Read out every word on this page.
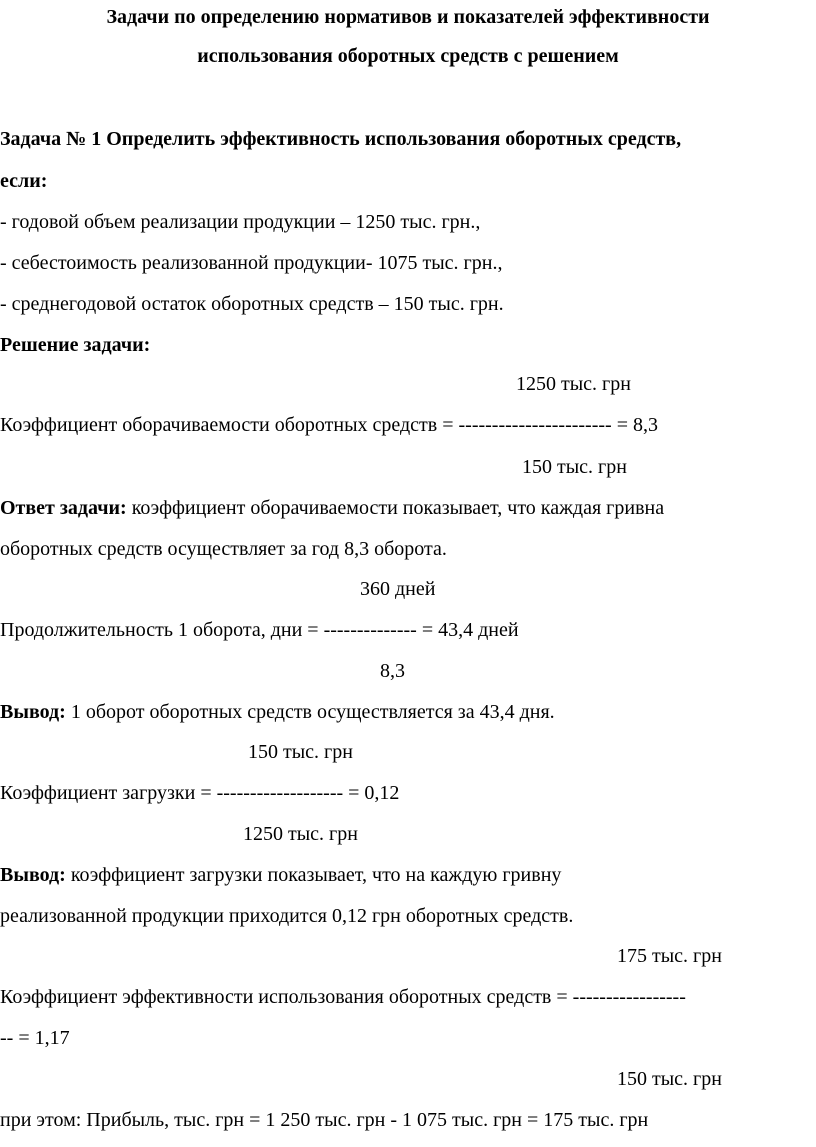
Задачи по определению нормативов и показателей эффективности
использования оборотных средств с решением
Задача № 1 Определить эффективность использования оборотных средств,
если:
- годовой объем реализации продукции – 1250 тыс. грн.,
- себестоимость реализованной продукции- 1075 тыс. грн.,
- среднегодовой остаток оборотных средств – 150 тыс. грн.
Решение задачи:
1250 тыс. грн
Коэффициент оборачиваемости оборотных средств = ----------------------- = 8,3
150 тыс. грн
Ответ задачи: коэффициент оборачиваемости показывает, что каждая гривна
оборотных средств осуществляет за год 8,3 оборота.
360 дней
Продолжительность 1 оборота, дни = -------------- = 43,4 дней
8,3
Вывод: 1 оборот оборотных средств осуществляется за 43,4 дня.
150 тыс. грн
Коэффициент загрузки = ------------------- = 0,12
1250 тыс. грн
Вывод: коэффициент загрузки показывает, что на каждую гривну
реализованной продукции приходится 0,12 грн оборотных средств.
175 тыс. грн
Коэффициент эффективности использования оборотных средств = -----------------
-- = 1,17
150 тыс. грн
при этом: Прибыль, тыс. грн = 1 250 тыс. грн - 1 075 тыс. грн = 175 тыс. грн
